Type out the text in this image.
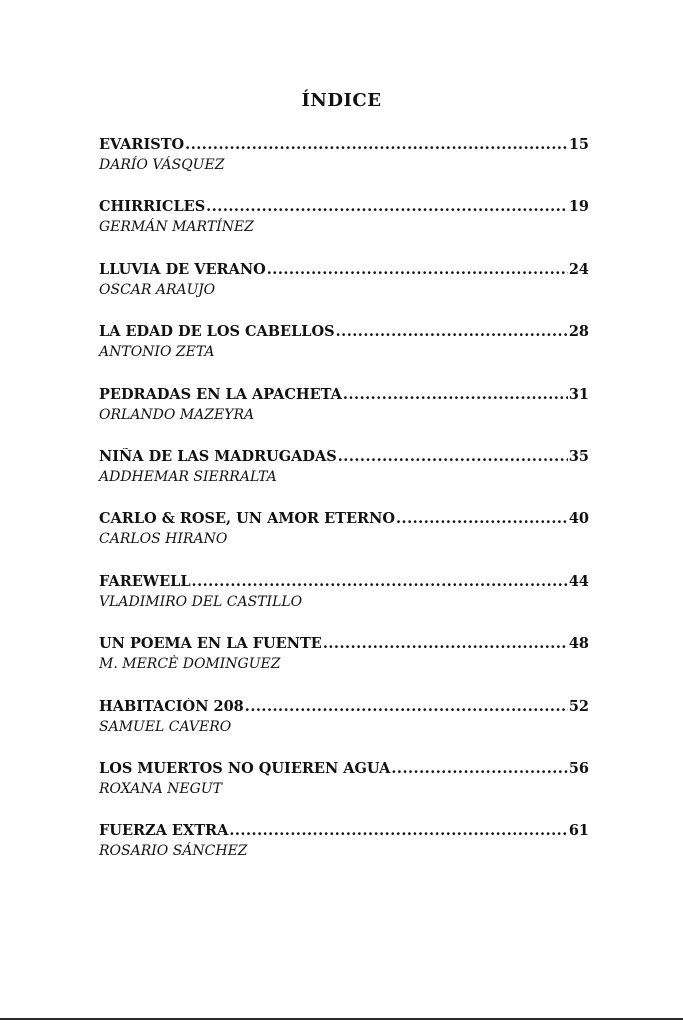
ÍNDICE
EVARISTO .....	15
DARÍO VÁSQUEZ
CHIRRICLES .....	19
GERMÁN MARTÍNEZ
LLUVIA DE VERANO .....	24
OSCAR ARAUJO
LA EDAD DE LOS CABELLOS .....	28
ANTONIO ZETA
PEDRADAS EN LA APACHETA .....	31
ORLANDO MAZEYRA
NIÑA DE LAS MADRUGADAS .....	35
ADDHEMAR SIERRALTA
CARLO & ROSE, UN AMOR ETERNO .....	40
CARLOS HIRANO
FAREWELL .....	44
VLADIMIRO DEL CASTILLO
UN POEMA EN LA FUENTE .....	48
M. MERCÈ DOMINGUEZ
HABITACIÓN 208 .....	52
SAMUEL CAVERO
LOS MUERTOS NO QUIEREN AGUA .....	56
ROXANA NEGUT
FUERZA EXTRA .....	61
ROSARIO SÁNCHEZ
